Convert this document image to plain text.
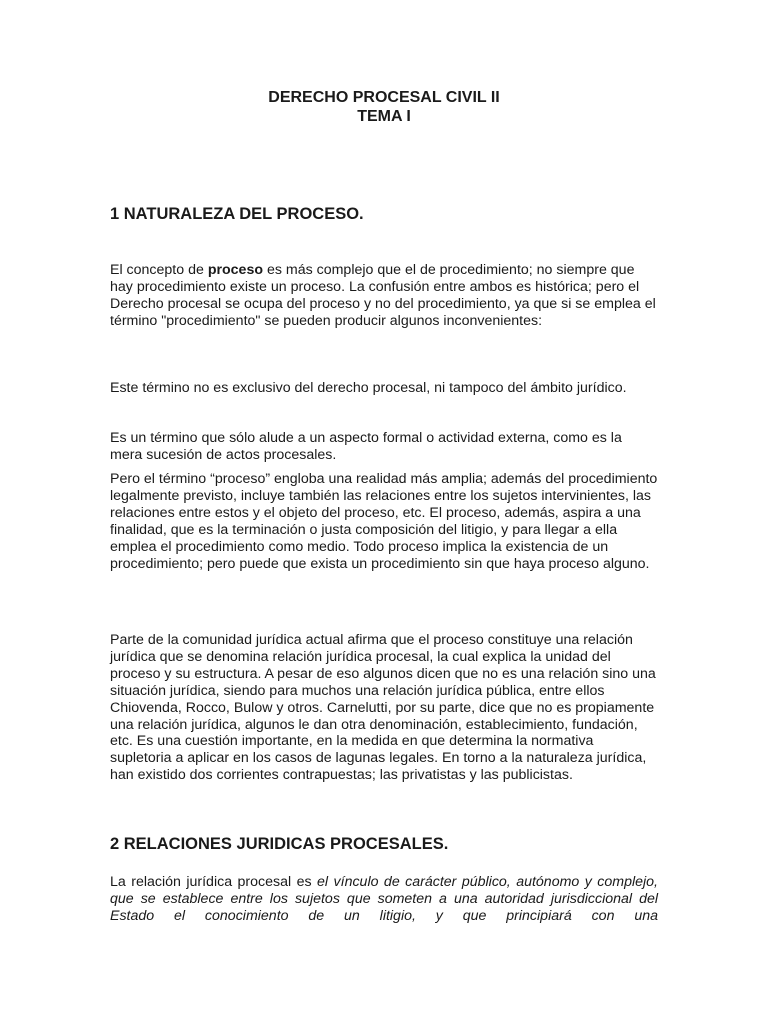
DERECHO PROCESAL CIVIL II
TEMA I
1 NATURALEZA DEL PROCESO.

El concepto de proceso es más complejo que el de procedimiento; no siempre que hay procedimiento existe un proceso. La confusión entre ambos es histórica; pero el Derecho procesal se ocupa del proceso y no del procedimiento, ya que si se emplea el término "procedimiento" se pueden producir algunos inconvenientes:

Este término no es exclusivo del derecho procesal, ni tampoco del ámbito jurídico.

Es un término que sólo alude a un aspecto formal o actividad externa, como es la mera sucesión de actos procesales.

Pero el término “proceso” engloba una realidad más amplia; además del procedimiento legalmente previsto, incluye también las relaciones entre los sujetos intervinientes, las relaciones entre estos y el objeto del proceso, etc. El proceso, además, aspira a una finalidad, que es la terminación o justa composición del litigio, y para llegar a ella emplea el procedimiento como medio. Todo proceso implica la existencia de un procedimiento; pero puede que exista un procedimiento sin que haya proceso alguno.

Parte de la comunidad jurídica actual afirma que el proceso constituye una relación jurídica que se denomina relación jurídica procesal, la cual explica la unidad del proceso y su estructura. A pesar de eso algunos dicen que no es una relación sino una situación jurídica, siendo para muchos una relación jurídica pública, entre ellos Chiovenda, Rocco, Bulow y otros. Carnelutti, por su parte, dice que no es propiamente una relación jurídica, algunos le dan otra denominación, establecimiento, fundación, etc. Es una cuestión importante, en la medida en que determina la normativa supletoria a aplicar en los casos de lagunas legales. En torno a la naturaleza jurídica, han existido dos corrientes contrapuestas; las privatistas y las publicistas.

2 RELACIONES JURIDICAS PROCESALES.

La relación jurídica procesal es el vínculo de carácter público, autónomo y complejo, que se establece entre los sujetos que someten a una autoridad jurisdiccional del Estado el conocimiento de un litigio, y que principiará con una
